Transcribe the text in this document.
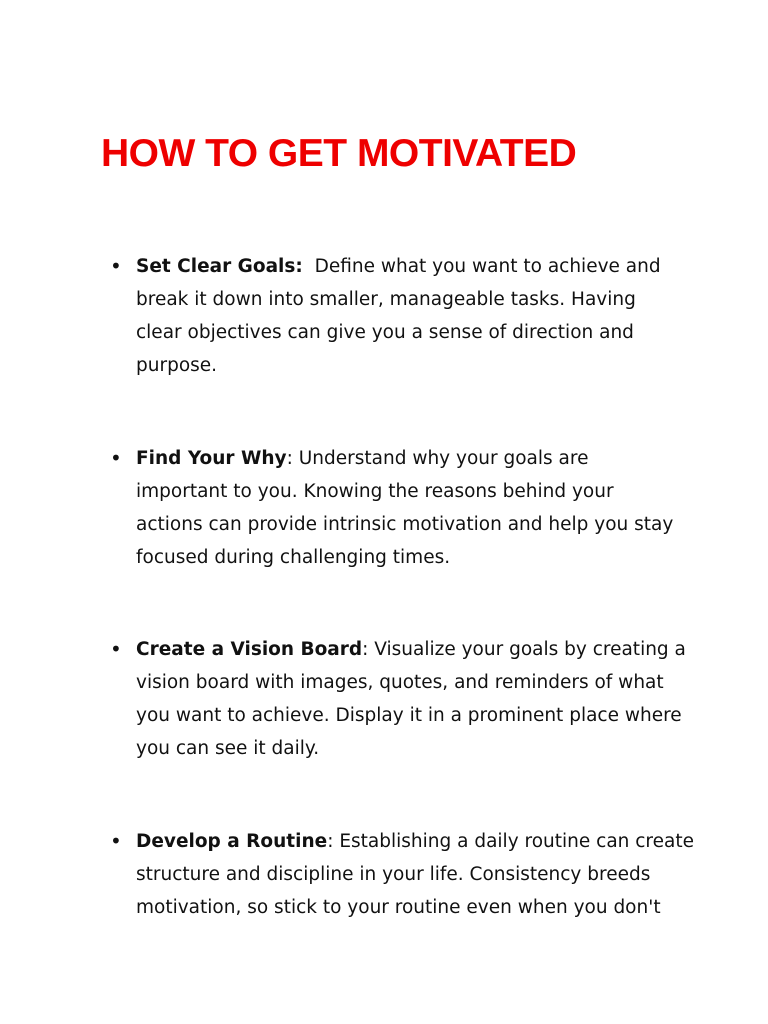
HOW TO GET MOTIVATED
• Set Clear Goals:  Define what you want to achieve and
break it down into smaller, manageable tasks. Having
clear objectives can give you a sense of direction and
purpose.
• Find Your Why: Understand why your goals are
important to you. Knowing the reasons behind your
actions can provide intrinsic motivation and help you stay
focused during challenging times.
• Create a Vision Board: Visualize your goals by creating a
vision board with images, quotes, and reminders of what
you want to achieve. Display it in a prominent place where
you can see it daily.
• Develop a Routine: Establishing a daily routine can create
structure and discipline in your life. Consistency breeds
motivation, so stick to your routine even when you don't
